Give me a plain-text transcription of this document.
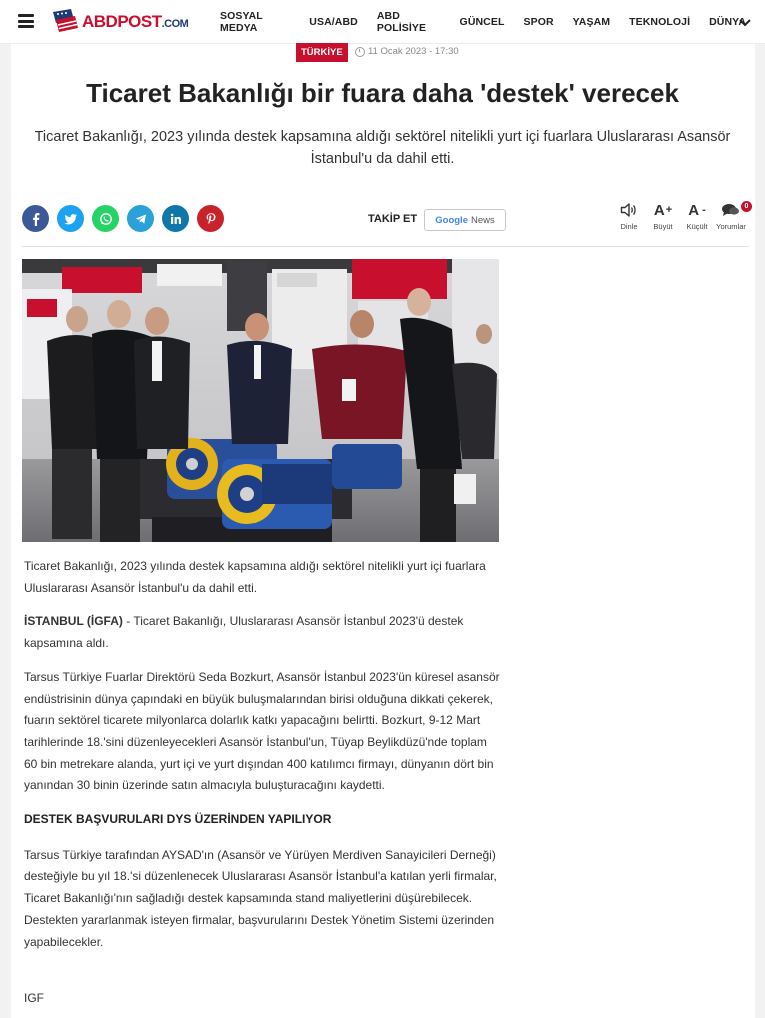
ABDPOST.COM
SOSYAL MEDYA	USA/ABD ABD POLİSİYE	GÜNCEL SPOR YAŞAM TEKNOLOJİ DÜNYA
TÜRKİYE	11 Ocak 2023 - 17:30
Ticaret Bakanlığı bir fuara daha 'destek' verecek

Ticaret Bakanlığı, 2023 yılında destek kapsamına aldığı sektörel nitelikli yurt içi fuarlara Uluslararası Asansör İstanbul'u da dahil etti.

TAKİP ET Google News
Dinle
A +
Büyüt
A -
Küçült
0
Yorumlar

Ticaret Bakanlığı, 2023 yılında destek kapsamına aldığı sektörel nitelikli yurt içi fuarlara Uluslararası Asansör İstanbul'u da dahil etti.

İSTANBUL (İGFA) - Ticaret Bakanlığı, Uluslararası Asansör İstanbul 2023'ü destek kapsamına aldı.

Tarsus Türkiye Fuarlar Direktörü Seda Bozkurt, Asansör İstanbul 2023'ün küresel asansör endüstrisinin dünya çapındaki en büyük buluşmalarından birisi olduğuna dikkati çekerek, fuarın sektörel ticarete milyonlarca dolarlık katkı yapacağını belirtti. Bozkurt, 9-12 Mart tarihlerinde 18.'sini düzenleyecekleri Asansör İstanbul'un, Tüyap Beylikdüzü'nde toplam 60 bin metrekare alanda, yurt içi ve yurt dışından 400 katılımcı firmayı, dünyanın dört bin yanından 30 binin üzerinde satın almacıyla buluşturacağını kaydetti.

DESTEK BAŞVURULARI DYS ÜZERİNDEN YAPILIYOR

Tarsus Türkiye tarafından AYSAD'ın (Asansör ve Yürüyen Merdiven Sanayicileri Derneği) desteğiyle bu yıl 18.'si düzenlenecek Uluslararası Asansör İstanbul'a katılan yerli firmalar, Ticaret Bakanlığı'nın sağladığı destek kapsamında stand maliyetlerini düşürebilecek. Destekten yararlanmak isteyen firmalar, başvurularını Destek Yönetim Sistemi üzerinden yapabilecekler.

IGF
